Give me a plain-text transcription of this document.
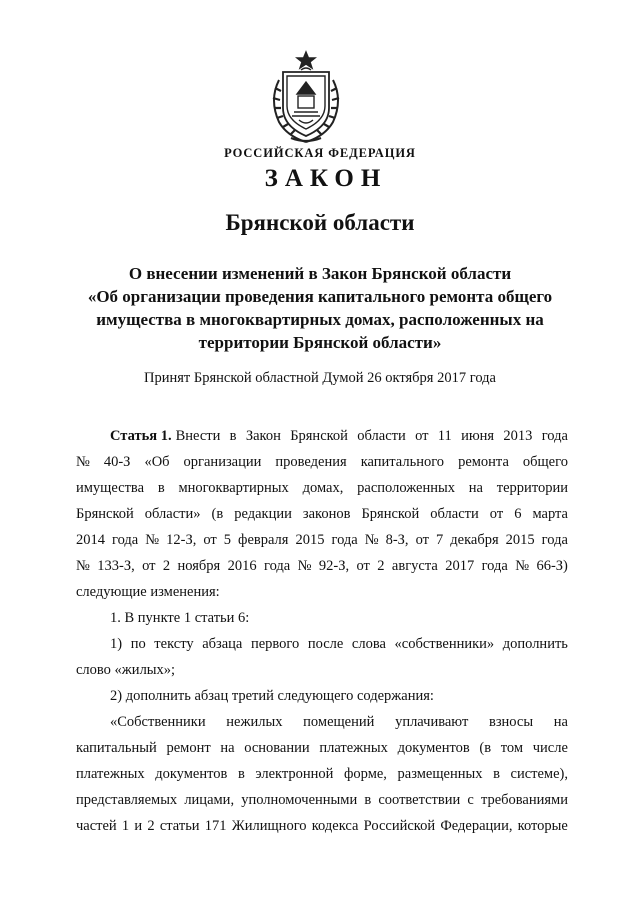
РОССИЙСКАЯ ФЕДЕРАЦИЯ
ЗАКОН
Брянской области
О внесении изменений в Закон Брянской области
«Об организации проведения капитального ремонта общего
имущества в многоквартирных домах, расположенных на
территории Брянской области»
Принят Брянской областной Думой 26 октября 2017 года
Статья 1. Внести в Закон Брянской области от 11 июня 2013 года
№ 40-З «Об организации проведения капитального ремонта общего
имущества в многоквартирных домах, расположенных на территории
Брянской области» (в редакции законов Брянской области от 6 марта
2014 года № 12-З, от 5 февраля 2015 года № 8-З, от 7 декабря 2015 года
№ 133-З, от 2 ноября 2016 года № 92-З, от 2 августа 2017 года № 66-З)
следующие изменения:
1. В пункте 1 статьи 6:
1) по тексту абзаца первого после слова «собственники» дополнить
слово «жилых»;
2) дополнить абзац третий следующего содержания:
«Собственники нежилых помещений уплачивают взносы на
капитальный ремонт на основании платежных документов (в том числе
платежных документов в электронной форме, размещенных в системе),
представляемых лицами, уполномоченными в соответствии с требованиями
частей 1 и 2 статьи 171 Жилищного кодекса Российской Федерации, которые
